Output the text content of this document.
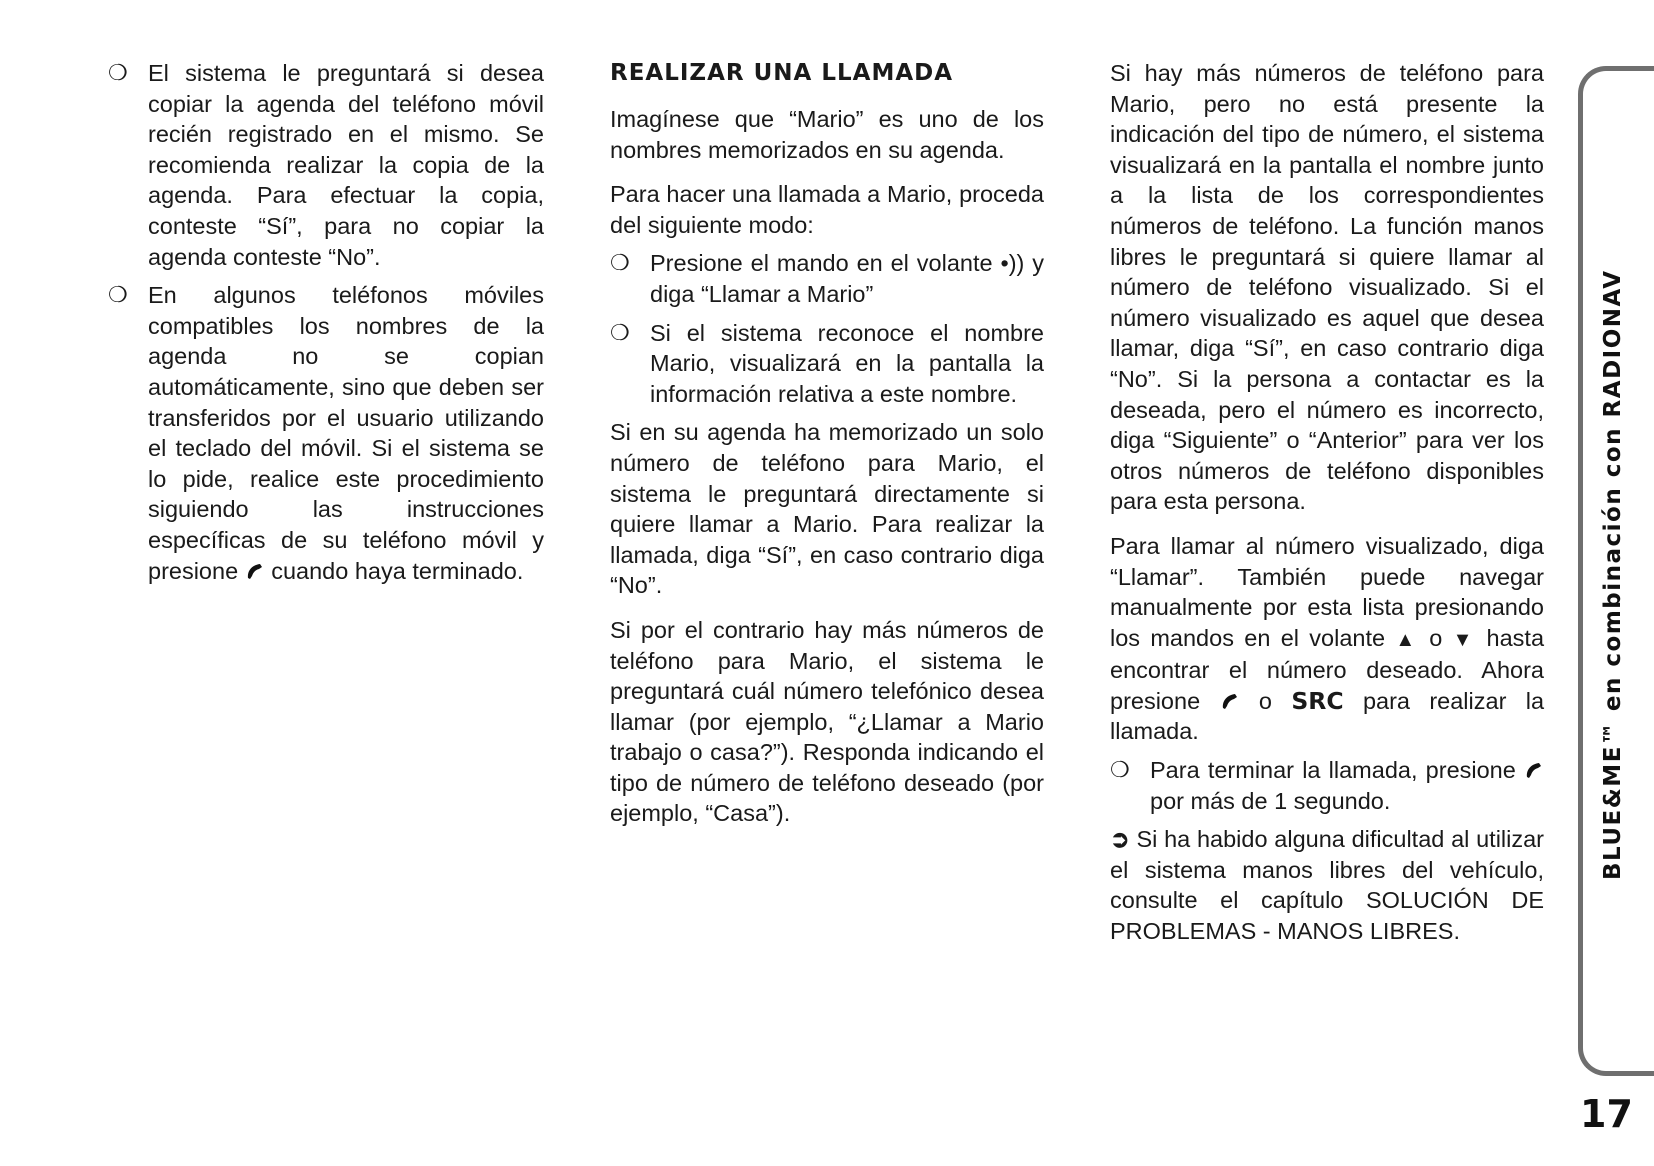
❍ El sistema le preguntará si desea copiar la agenda del teléfono móvil recién registrado en el mismo. Se recomienda realizar la copia de la agenda. Para efectuar la copia, conteste “Sí”, para no copiar la agenda conteste “No”.
❍ En algunos teléfonos móviles compatibles los nombres de la agenda no se copian automáticamente, sino que deben ser transferidos por el usuario utilizando el teclado del móvil. Si el sistema se lo pide, realice este procedimiento siguiendo las instrucciones específicas de su teléfono móvil y presione cuando haya terminado.
REALIZAR UNA LLAMADA

Imagínese que “Mario” es uno de los nombres memorizados en su agenda.

Para hacer una llamada a Mario, proceda del siguiente modo:

❍ Presione el mando en el volante •)) y diga “Llamar a Mario”
❍ Si el sistema reconoce el nombre Mario, visualizará en la pantalla la información relativa a este nombre.

Si en su agenda ha memorizado un solo número de teléfono para Mario, el sistema le preguntará directamente si quiere llamar a Mario. Para realizar la llamada, diga “Sí”, en caso contrario diga “No”.

Si por el contrario hay más números de teléfono para Mario, el sistema le preguntará cuál número telefónico desea llamar (por ejemplo, “¿Llamar a Mario trabajo o casa?”). Responda indicando el tipo de número de teléfono deseado (por ejemplo, “Casa”).

Si hay más números de teléfono para Mario, pero no está presente la indicación del tipo de número, el sistema visualizará en la pantalla el nombre junto a la lista de los correspondientes números de teléfono. La función manos libres le preguntará si quiere llamar al número de teléfono visualizado. Si el número visualizado es aquel que desea llamar, diga “Sí”, en caso contrario diga “No”. Si la persona a contactar es la deseada, pero el número es incorrecto, diga “Siguiente” o “Anterior” para ver los otros números de teléfono disponibles para esta persona.

Para llamar al número visualizado, diga “Llamar”. También puede navegar manualmente por esta lista presionando los mandos en el volante ▲ o ▼ hasta encontrar el número deseado. Ahora presione o SRC para realizar la llamada.

❍ Para terminar la llamada, presione  por más de 1 segundo.

➲ Si ha habido alguna dificultad al utilizar el sistema manos libres del vehículo, consulte el capítulo SOLUCIÓN DE PROBLEMAS - MANOS LIBRES.

BLUE&ME™ en combinación con RADIONAV
17
